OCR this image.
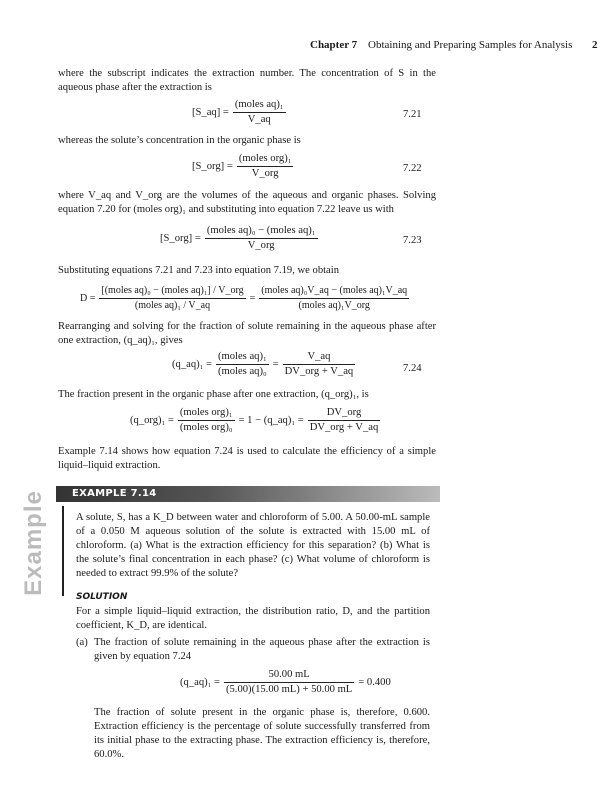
Chapter 7 Obtaining and Preparing Samples for Analysis 2
where the subscript indicates the extraction number. The concentration of S in the aqueous phase after the extraction is
[S_aq] = $\frac{\text{(moles aq)₁}}{V\_aq}$	7.21
whereas the solute’s concentration in the organic phase is
[S_org] = $\frac{\text{(moles org)₁}}{\text{V\_org}}$	7.22
where V_aq and V_org are the volumes of the aqueous and organic phases. Solving equation 7.20 for (moles org)₁ and substituting into equation 7.22 leave us with
[S_org] = $\frac{\text{(moles aq)₀ − (moles aq)₁}}{\text{V\_org}}$	7.23
Substituting equations 7.21 and 7.23 into equation 7.19, we obtain
$D = \frac{\text{[(moles aq)₀ − (moles aq)₁] / V\_org}}{\text{(moles aq)₁ / V\_aq}} = \frac{\text{(moles aq)₀V\_aq − (moles aq)₁V\_aq}}{\text{(moles aq)₁V\_org}}$
Rearranging and solving for the fraction of solute remaining in the aqueous phase after one extraction, (q_aq)₁, gives
(q_aq)₁ = $\frac{\text{(moles aq)₁}}{\text{(moles aq)₀}} = \frac{V\_aq}{\text{DV\_org + V\_aq}}$	7.24
The fraction present in the organic phase after one extraction, (q_org)₁, is
(q_org)₁ = $\frac{\text{(moles org)₁}}{\text{(moles org)₀}} = 1$ − (q_aq)₁ = $\frac{\text{DV\_org}}{\text{DV\_org + V\_aq}}$
Example 7.14 shows how equation 7.24 is used to calculate the efficiency of a simple liquid–liquid extraction.
Example	EXAMPLE 7.14
A solute, S, has a K_D between water and chloroform of 5.00. A 50.00-mL sample of a 0.050 M aqueous solution of the solute is extracted with 15.00 mL of chloroform. (a) What is the extraction efficiency for this separation? (b) What is the solute’s final concentration in each phase? (c) What volume of chloroform is needed to extract 99.9% of the solute?
SOLUTION
For a simple liquid–liquid extraction, the distribution ratio, D, and the partition coefficient, K_D, are identical.
(a) The fraction of solute remaining in the aqueous phase after the extraction is given by equation 7.24
(q_aq)₁ = $\frac{50.00 mL}{(5.00)(15.00 mL) + 50.00 mL} = 0.400$
The fraction of solute present in the organic phase is, therefore, 0.600. Extraction efficiency is the percentage of solute successfully transferred from its initial phase to the extracting phase. The extraction efficiency is, therefore, 60.0%.
